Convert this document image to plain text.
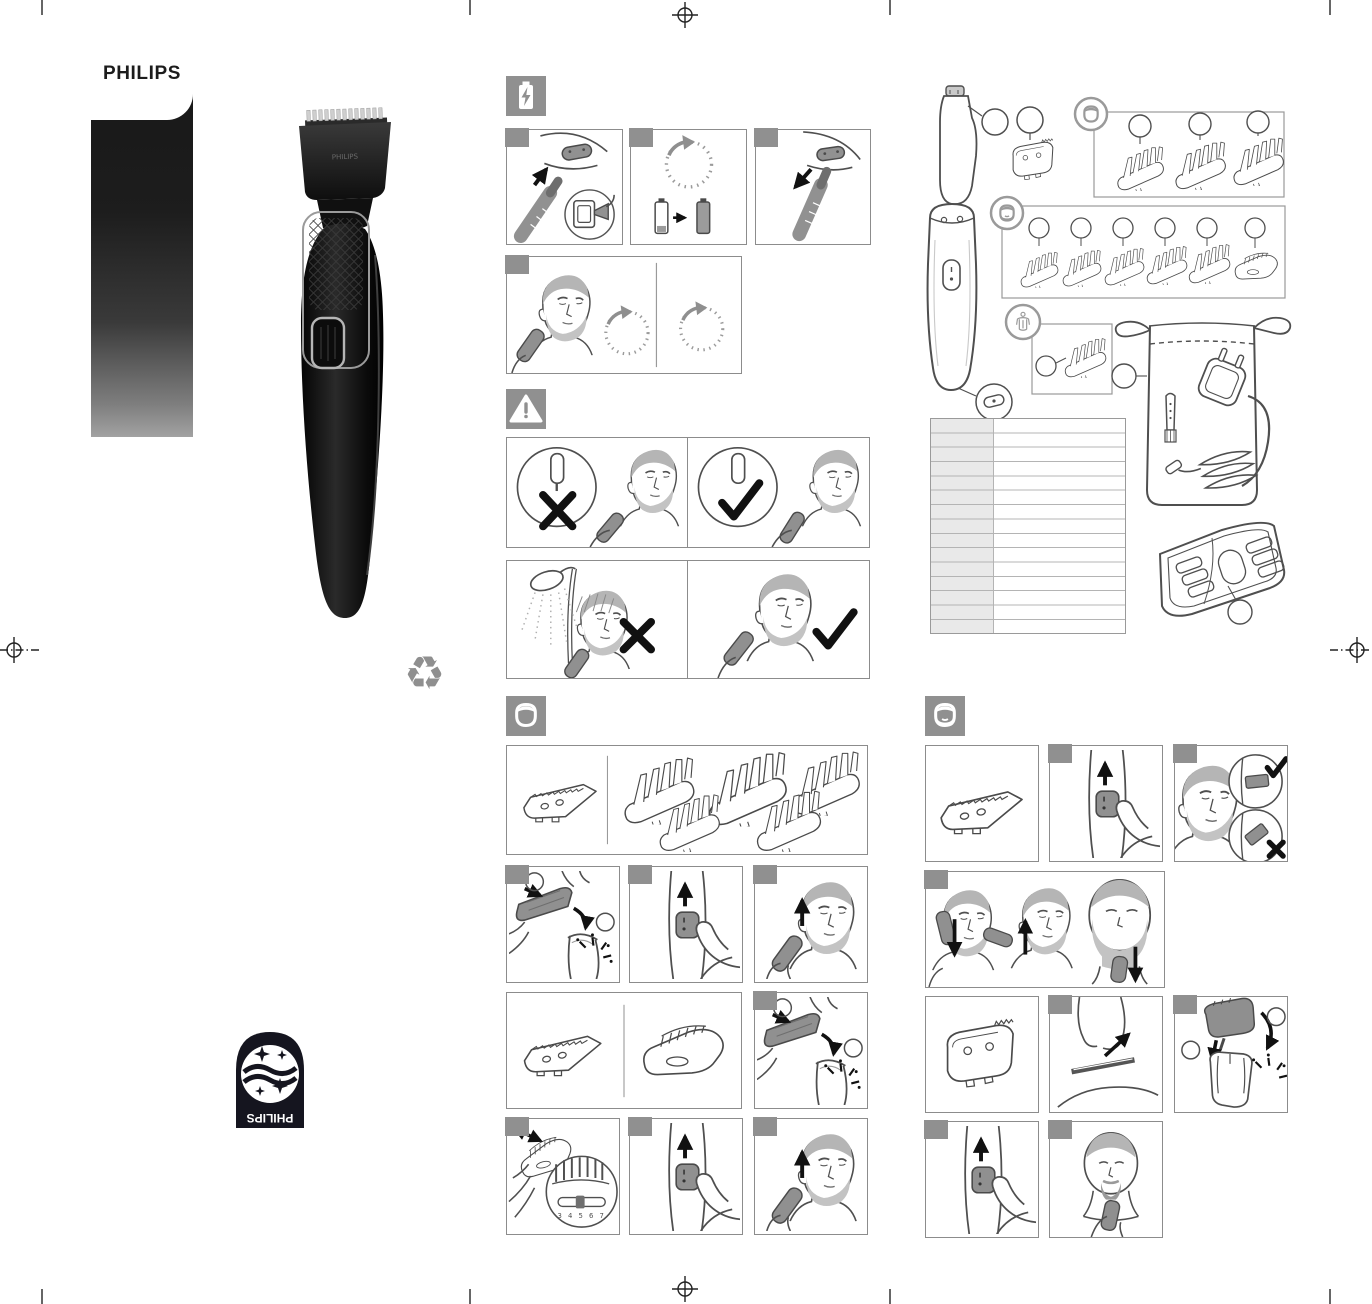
PHILIPS
PHILIPS
♻
3 4 5 6 7
PHILIPS
